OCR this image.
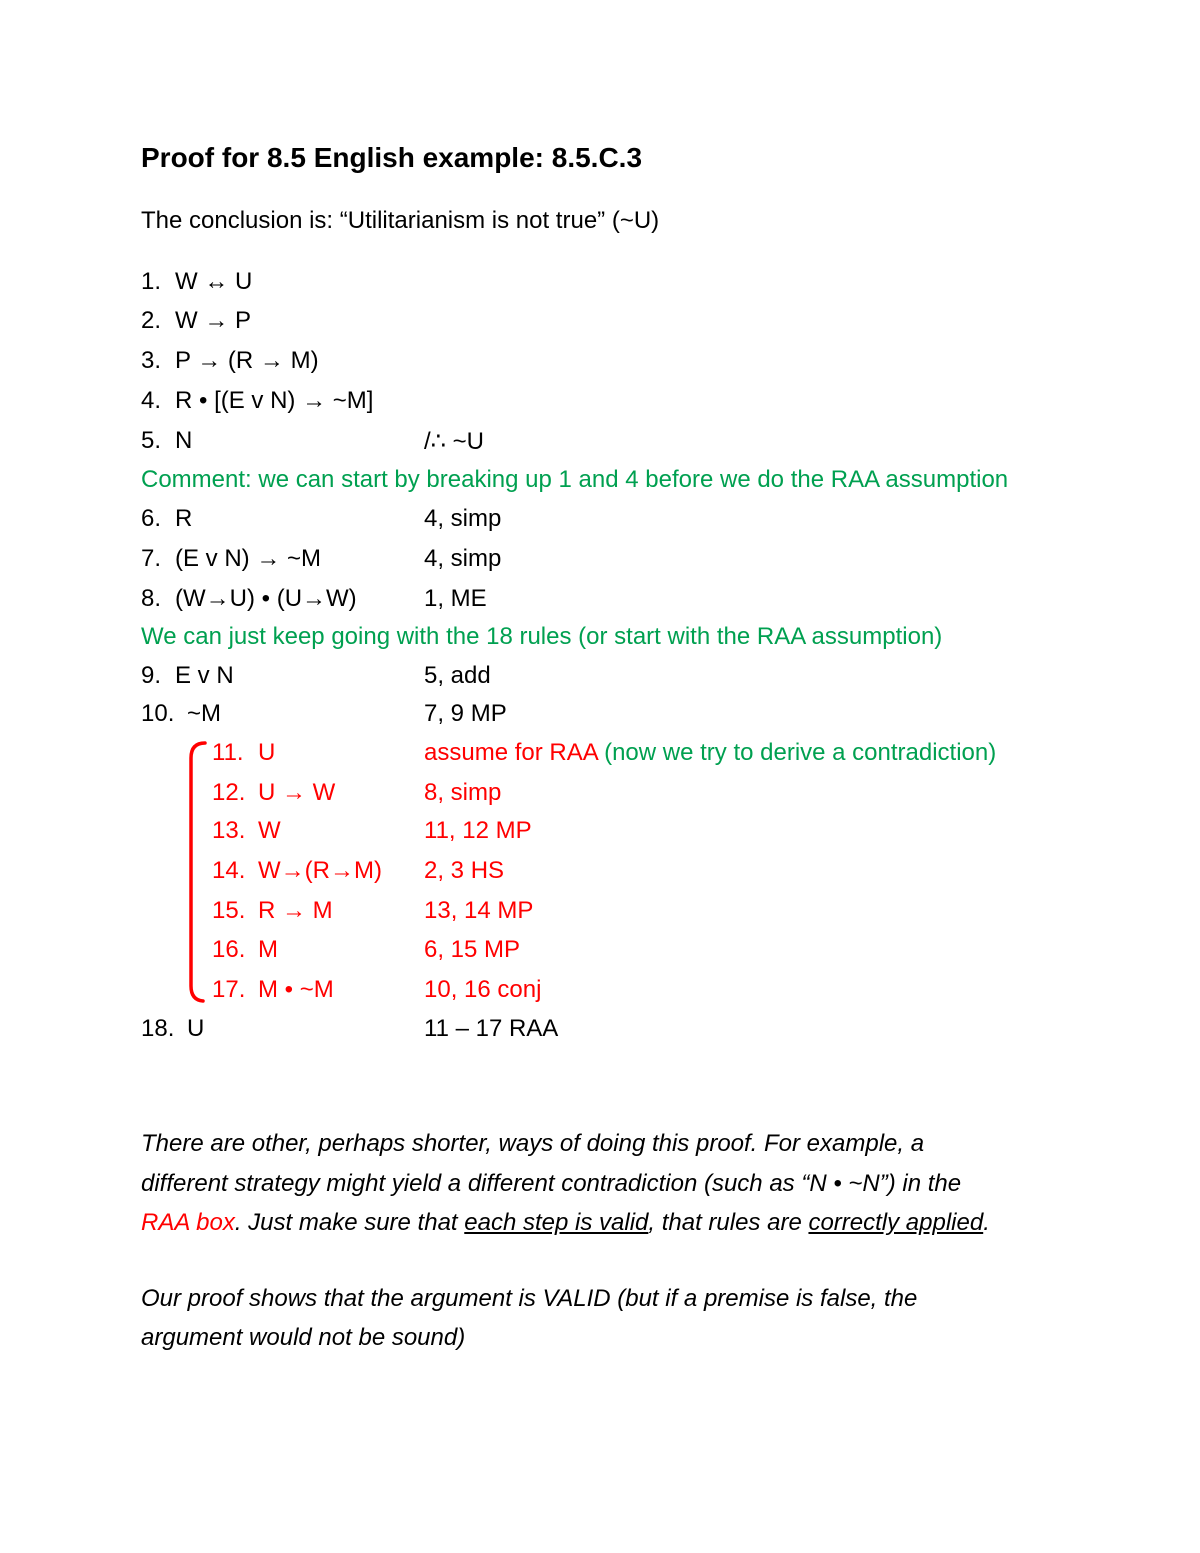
Proof for 8.5 English example: 8.5.C.3
The conclusion is: “Utilitarianism is not true” (~U)
1. W ↔ U
2. W → P
3. P → (R → M)
4. R • [(E v N) → ~M]
5. N	/∴ ~U
Comment: we can start by breaking up 1 and 4 before we do the RAA assumption
6. R	4, simp
7. (E v N) → ~M	4, simp
8. (W→U) • (U→W)	1, ME
We can just keep going with the 18 rules (or start with the RAA assumption)
9. E v N	5, add
10. ~M	7, 9 MP
11. U	assume for RAA (now we try to derive a contradiction)
12. U → W	8, simp
13. W	11, 12 MP
14. W→(R→M) 2, 3 HS
15. R → M	13, 14 MP
16. M	6, 15 MP
17. M • ~M	10, 16 conj
18. U	11 – 17 RAA
There are other, perhaps shorter, ways of doing this proof. For example, a
different strategy might yield a different contradiction (such as “N • ~N”) in the
RAA box. Just make sure that each step is valid, that rules are correctly applied.
Our proof shows that the argument is VALID (but if a premise is false, the
argument would not be sound)
